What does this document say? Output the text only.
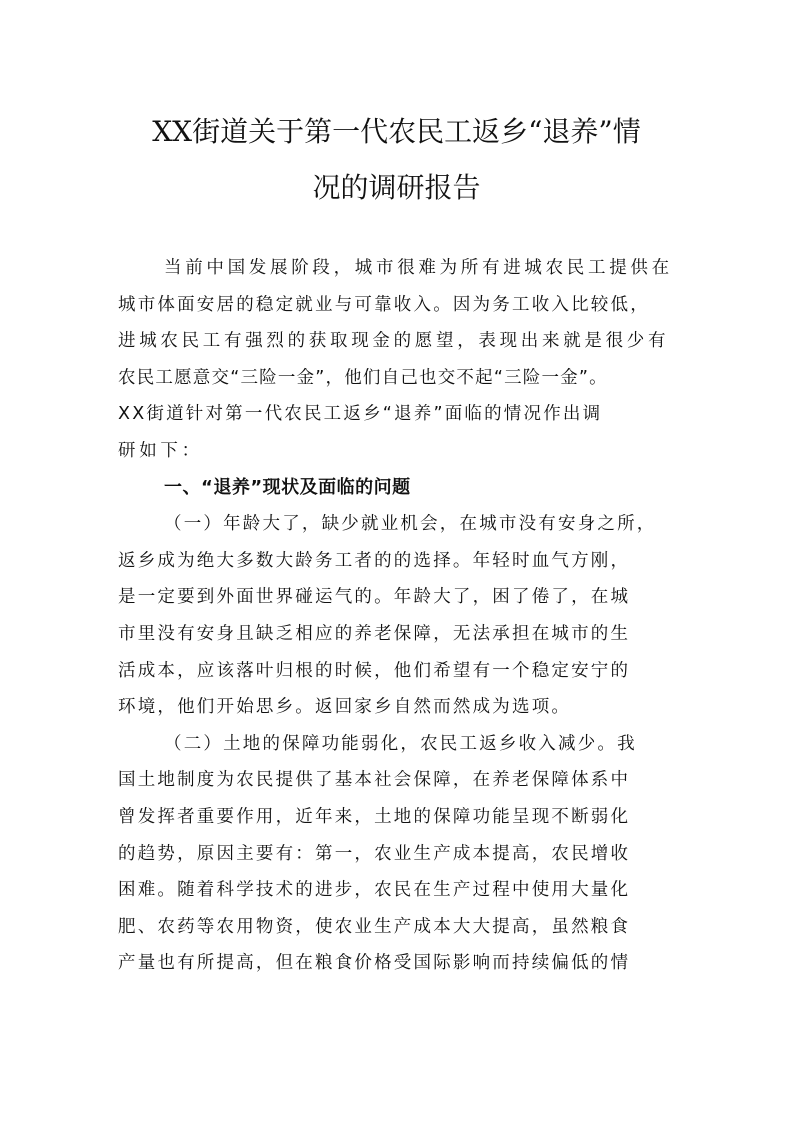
XX街道关于第一代农民工返乡“退养”情
况的调研报告
当前中国发展阶段，城市很难为所有进城农民工提供在
城市体面安居的稳定就业与可靠收入。因为务工收入比较低，
进城农民工有强烈的获取现金的愿望，表现出来就是很少有
农民工愿意交“三险一金”，他们自己也交不起“三险一金”。
XX街道针对第一代农民工返乡“退养”面临的情况作出调
研如下：
一、“退养”现状及面临的问题
（一）年龄大了，缺少就业机会，在城市没有安身之所，
返乡成为绝大多数大龄务工者的的选择。年轻时血气方刚，
是一定要到外面世界碰运气的。年龄大了，困了倦了，在城
市里没有安身且缺乏相应的养老保障，无法承担在城市的生
活成本，应该落叶归根的时候，他们希望有一个稳定安宁的
环境，他们开始思乡。返回家乡自然而然成为选项。
（二）土地的保障功能弱化，农民工返乡收入减少。我
国土地制度为农民提供了基本社会保障，在养老保障体系中
曾发挥者重要作用，近年来，土地的保障功能呈现不断弱化
的趋势，原因主要有：第一，农业生产成本提高，农民增收
困难。随着科学技术的进步，农民在生产过程中使用大量化
肥、农药等农用物资，使农业生产成本大大提高，虽然粮食
产量也有所提高，但在粮食价格受国际影响而持续偏低的情
